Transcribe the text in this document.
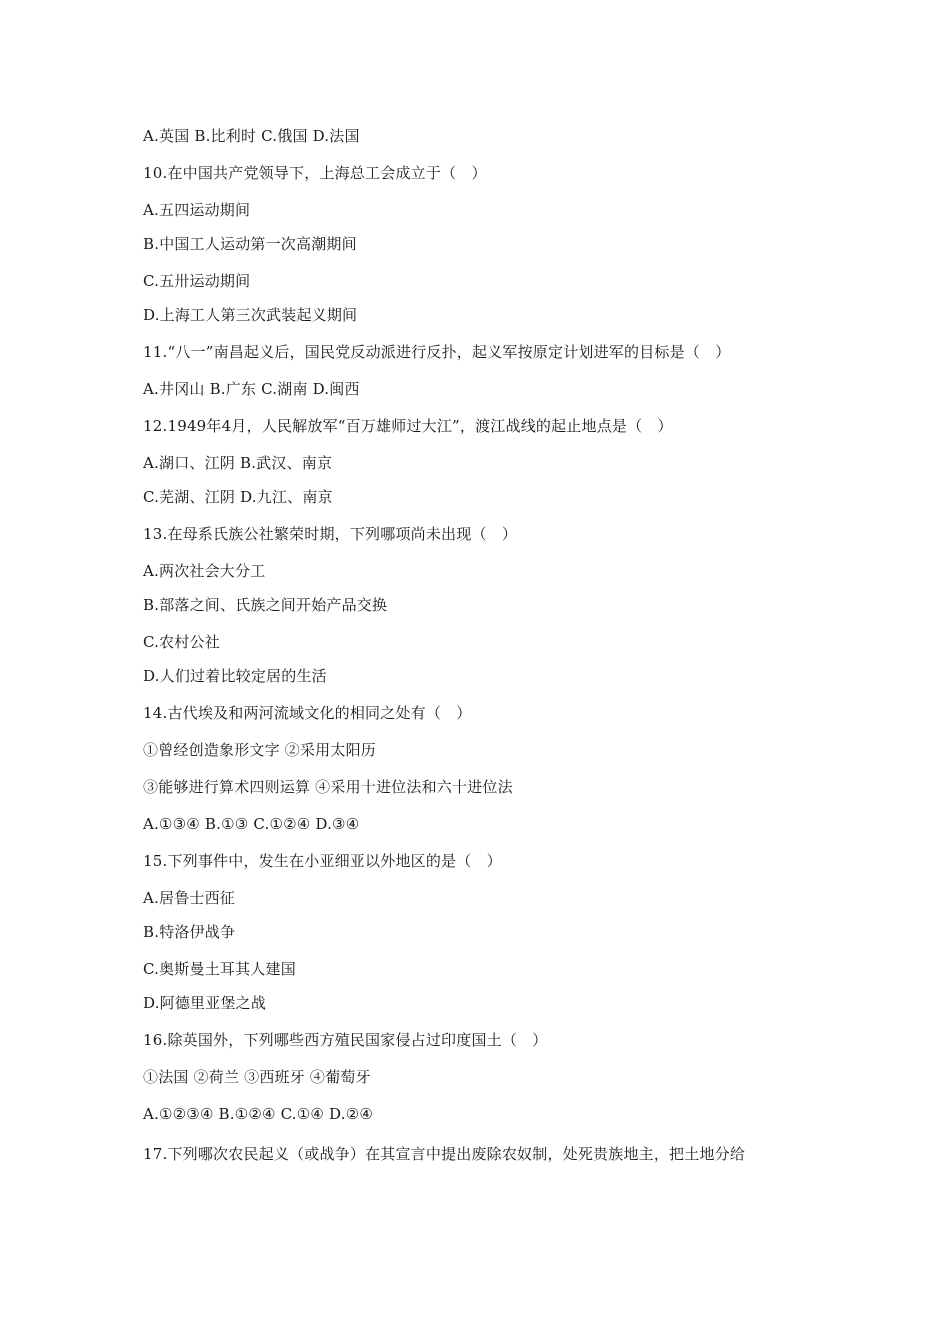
A.英国 B.比利时 C.俄国 D.法国
10.在中国共产党领导下，上海总工会成立于（　）
A.五四运动期间
B.中国工人运动第一次高潮期间
C.五卅运动期间
D.上海工人第三次武装起义期间
11.“八一”南昌起义后，国民党反动派进行反扑，起义军按原定计划进军的目标是（　）
A.井冈山 B.广东 C.湖南 D.闽西
12.1949年4月，人民解放军“百万雄师过大江”，渡江战线的起止地点是（　）
A.湖口、江阴 B.武汉、南京
C.芜湖、江阴 D.九江、南京
13.在母系氏族公社繁荣时期，下列哪项尚未出现（　）
A.两次社会大分工
B.部落之间、氏族之间开始产品交换
C.农村公社
D.人们过着比较定居的生活
14.古代埃及和两河流域文化的相同之处有（　）
①曾经创造象形文字 ②采用太阳历
③能够进行算术四则运算 ④采用十进位法和六十进位法
A.①③④ B.①③ C.①②④ D.③④
15.下列事件中，发生在小亚细亚以外地区的是（　）
A.居鲁士西征
B.特洛伊战争
C.奥斯曼土耳其人建国
D.阿德里亚堡之战
16.除英国外，下列哪些西方殖民国家侵占过印度国土（　）
①法国 ②荷兰 ③西班牙 ④葡萄牙
A.①②③④ B.①②④ C.①④ D.②④
17.下列哪次农民起义（或战争）在其宣言中提出废除农奴制，处死贵族地主，把土地分给
